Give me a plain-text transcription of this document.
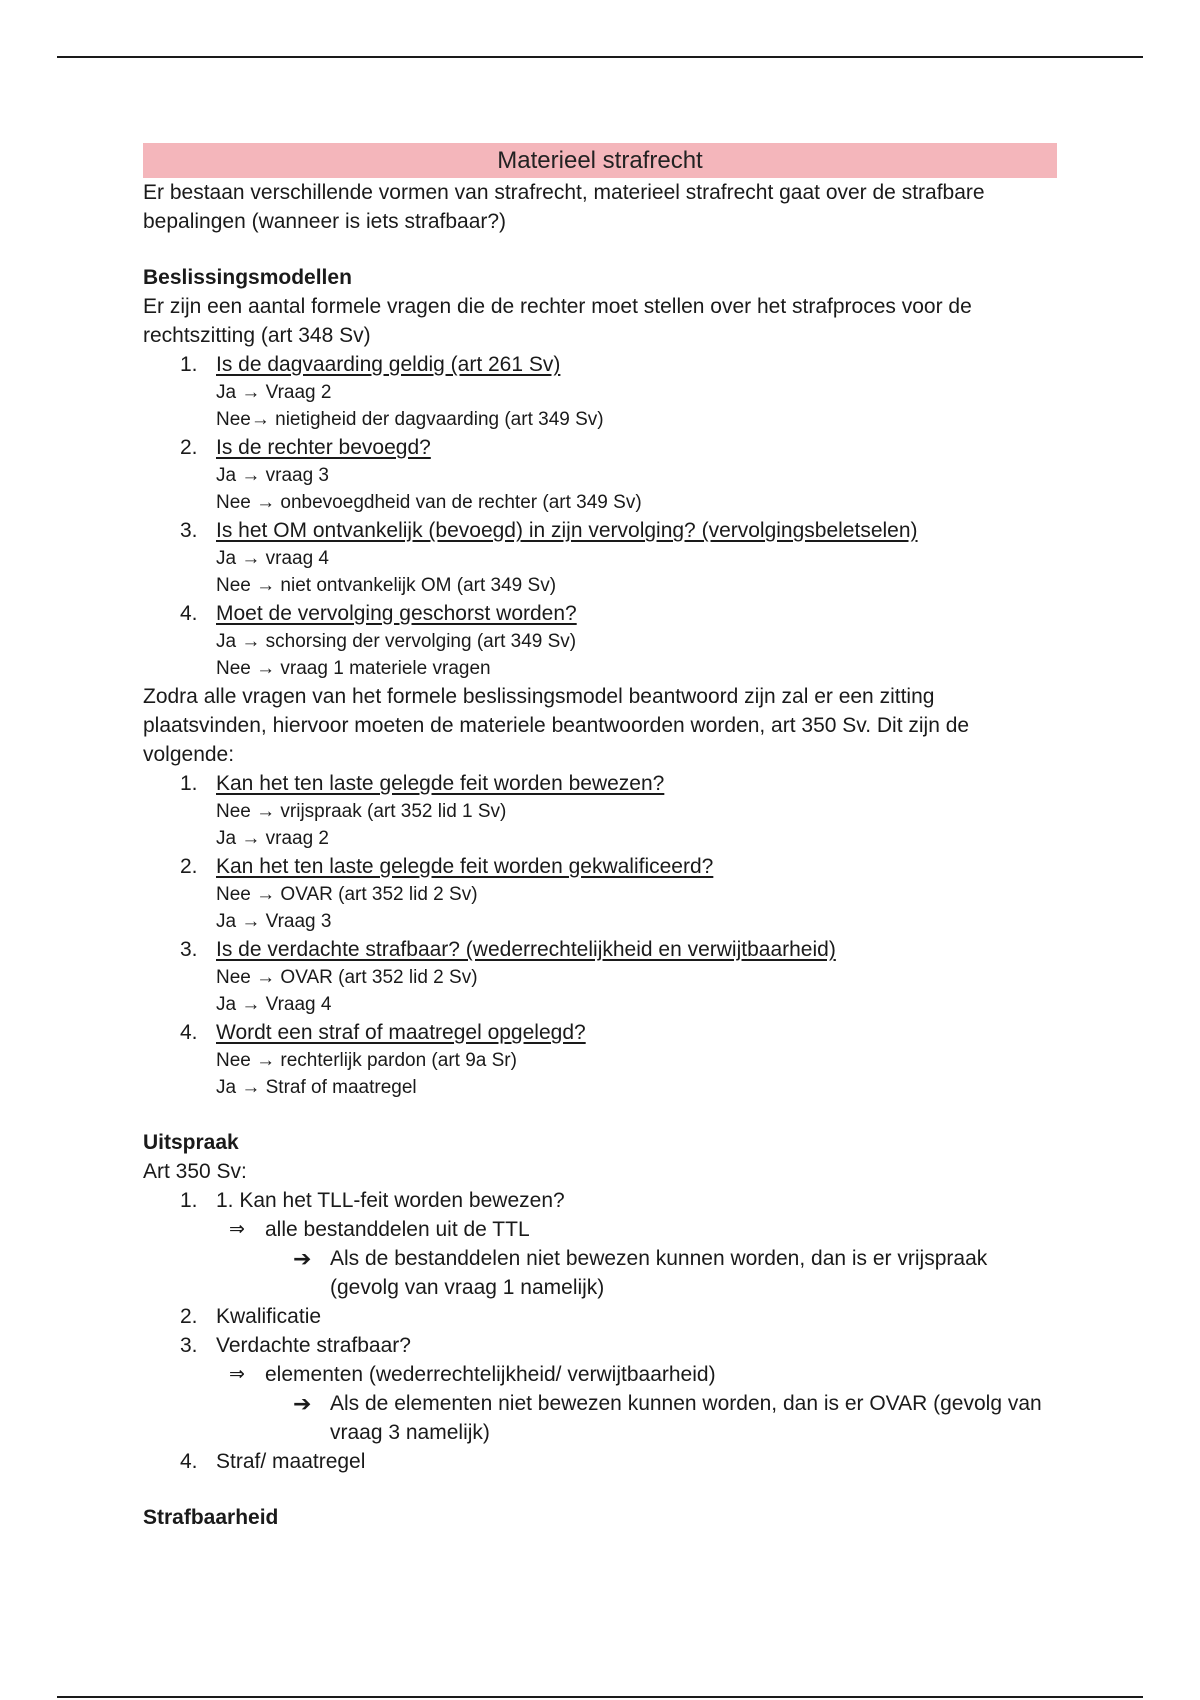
Materieel strafrecht

Er bestaan verschillende vormen van strafrecht, materieel strafrecht gaat over de strafbare bepalingen (wanneer is iets strafbaar?)

Beslissingsmodellen

Er zijn een aantal formele vragen die de rechter moet stellen over het strafproces voor de rechtszitting (art 348 Sv)

1. Is de dagvaarding geldig (art 261 Sv)
Ja → Vraag 2
Nee→ nietigheid der dagvaarding (art 349 Sv)
2. Is de rechter bevoegd?
Ja → vraag 3
Nee → onbevoegdheid van de rechter (art 349 Sv)
3. Is het OM ontvankelijk (bevoegd) in zijn vervolging? (vervolgingsbeletselen)
Ja → vraag 4
Nee → niet ontvankelijk OM (art 349 Sv)
4. Moet de vervolging geschorst worden?
Ja → schorsing der vervolging (art 349 Sv)
Nee → vraag 1 materiele vragen

Zodra alle vragen van het formele beslissingsmodel beantwoord zijn zal er een zitting plaatsvinden, hiervoor moeten de materiele beantwoorden worden, art 350 Sv. Dit zijn de volgende:

1. Kan het ten laste gelegde feit worden bewezen?
Nee → vrijspraak (art 352 lid 1 Sv)
Ja → vraag 2
2. Kan het ten laste gelegde feit worden gekwalificeerd?
Nee → OVAR (art 352 lid 2 Sv)
Ja → Vraag 3
3. Is de verdachte strafbaar? (wederrechtelijkheid en verwijtbaarheid)
Nee → OVAR (art 352 lid 2 Sv)
Ja → Vraag 4
4. Wordt een straf of maatregel opgelegd?
Nee → rechterlijk pardon (art 9a Sr)
Ja → Straf of maatregel
Uitspraak

Art 350 Sv:

1. 1. Kan het TLL-feit worden bewezen?
⇒ alle bestanddelen uit de TTL
➔ Als de bestanddelen niet bewezen kunnen worden, dan is er vrijspraak (gevolg van vraag 1 namelijk)
2. Kwalificatie
3. Verdachte strafbaar?
⇒ elementen (wederrechtelijkheid/ verwijtbaarheid)
➔ Als de elementen niet bewezen kunnen worden, dan is er OVAR (gevolg van vraag 3 namelijk)
4. Straf/ maatregel
Strafbaarheid
